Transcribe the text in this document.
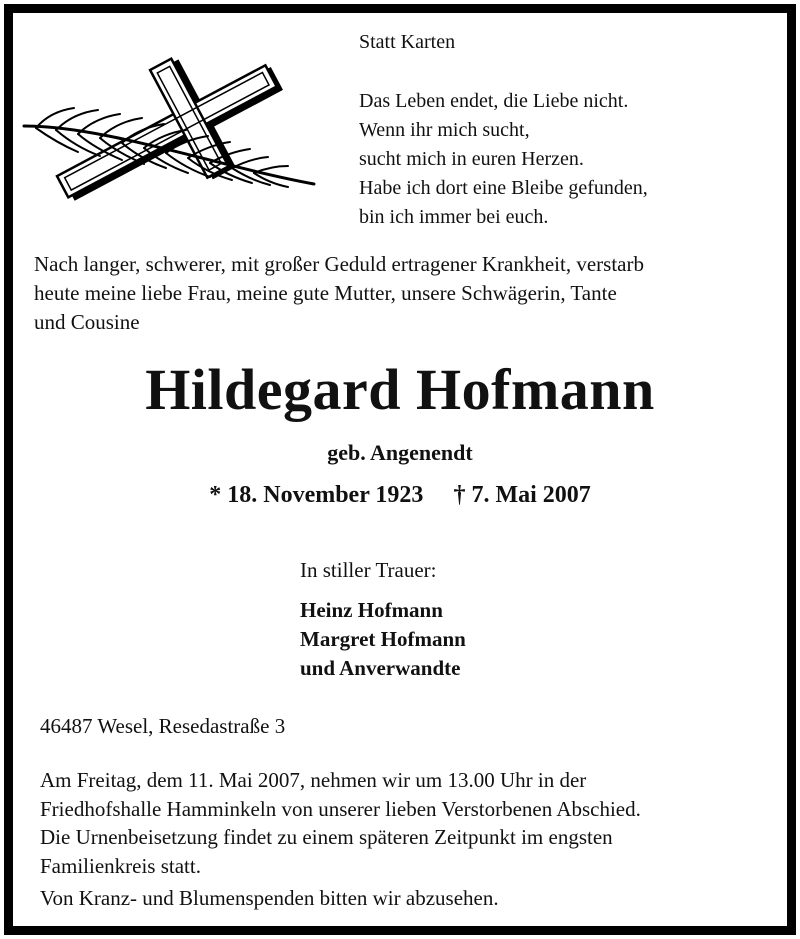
Statt Karten
Das Leben endet, die Liebe nicht.
Wenn ihr mich sucht,
sucht mich in euren Herzen.
Habe ich dort eine Bleibe gefunden,
bin ich immer bei euch.
Nach langer, schwerer, mit großer Geduld ertragener Krankheit, verstarb
heute meine liebe Frau, meine gute Mutter, unsere Schwägerin, Tante
und Cousine
Hildegard Hofmann
geb. Angenendt
* 18. November 1923 † 7. Mai 2007
In stiller Trauer:
Heinz Hofmann
Margret Hofmann
und Anverwandte
46487 Wesel, Resedastraße 3
Am Freitag, dem 11. Mai 2007, nehmen wir um 13.00 Uhr in der
Friedhofshalle Hamminkeln von unserer lieben Verstorbenen Abschied.
Die Urnenbeisetzung findet zu einem späteren Zeitpunkt im engsten
Familienkreis statt.
Von Kranz- und Blumenspenden bitten wir abzusehen.
